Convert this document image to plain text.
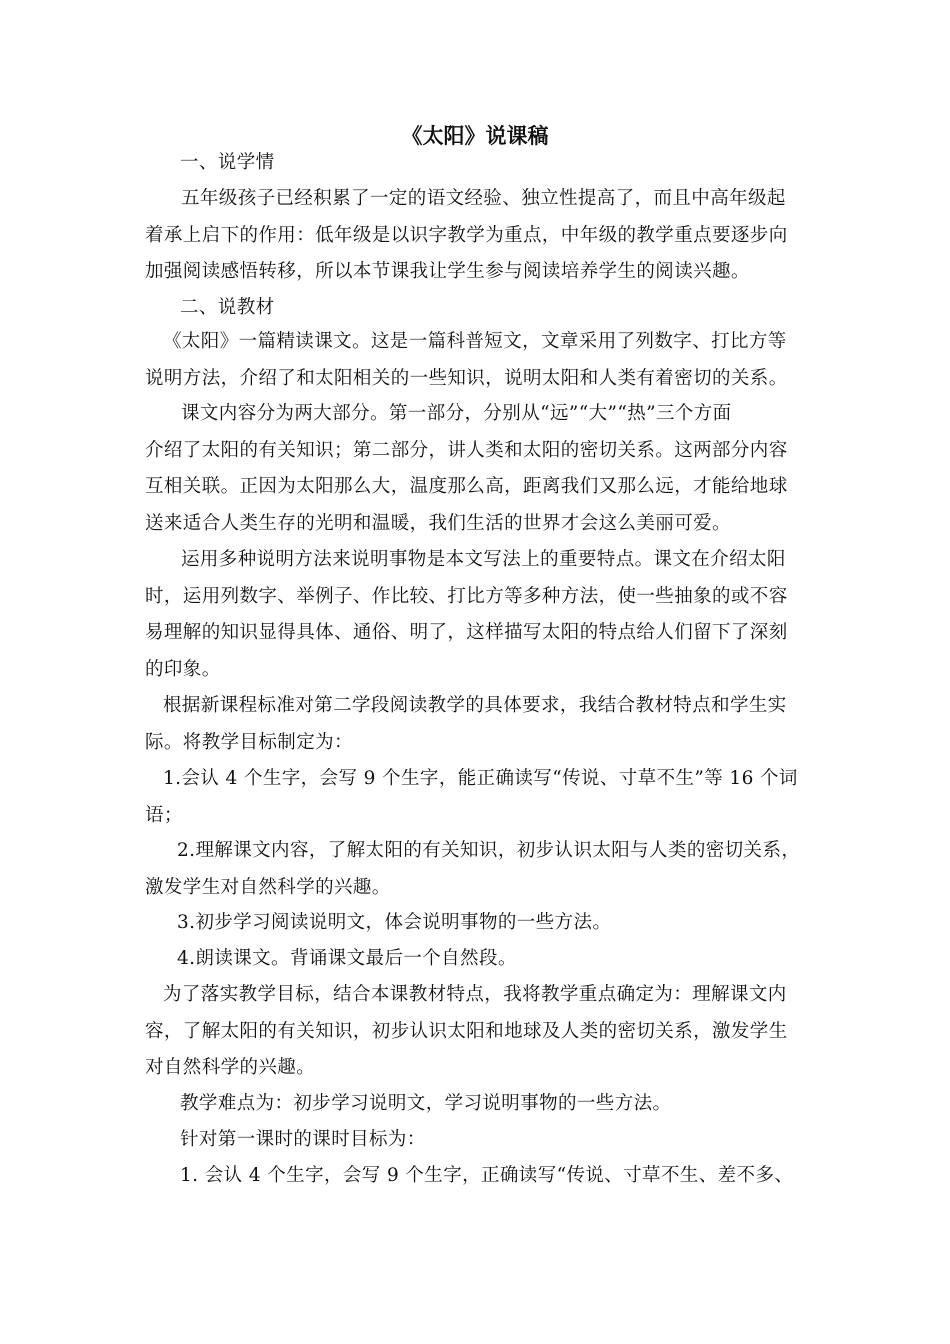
《太阳》说课稿
一、说学情
五年级孩子已经积累了一定的语文经验、独立性提高了，而且中高年级起
着承上启下的作用：低年级是以识字教学为重点，中年级的教学重点要逐步向
加强阅读感悟转移，所以本节课我让学生参与阅读培养学生的阅读兴趣。
二、说教材
《太阳》一篇精读课文。这是一篇科普短文，文章采用了列数字、打比方等
说明方法，介绍了和太阳相关的一些知识，说明太阳和人类有着密切的关系。
课文内容分为两大部分。第一部分，分别从“远”“大”“热”三个方面
介绍了太阳的有关知识；第二部分，讲人类和太阳的密切关系。这两部分内容
互相关联。正因为太阳那么大，温度那么高，距离我们又那么远，才能给地球
送来适合人类生存的光明和温暖，我们生活的世界才会这么美丽可爱。
运用多种说明方法来说明事物是本文写法上的重要特点。课文在介绍太阳
时，运用列数字、举例子、作比较、打比方等多种方法，使一些抽象的或不容
易理解的知识显得具体、通俗、明了，这样描写太阳的特点给人们留下了深刻
的印象。
根据新课程标准对第二学段阅读教学的具体要求，我结合教材特点和学生实
际。将教学目标制定为：
1.会认 4 个生字，会写 9 个生字，能正确读写“传说、寸草不生”等 16 个词
语；
2.理解课文内容，了解太阳的有关知识，初步认识太阳与人类的密切关系，
激发学生对自然科学的兴趣。
3.初步学习阅读说明文，体会说明事物的一些方法。
4.朗读课文。背诵课文最后一个自然段。
为了落实教学目标，结合本课教材特点，我将教学重点确定为：理解课文内
容，了解太阳的有关知识，初步认识太阳和地球及人类的密切关系，激发学生
对自然科学的兴趣。
教学难点为：初步学习说明文，学习说明事物的一些方法。
针对第一课时的课时目标为：
1. 会认 4 个生字，会写 9 个生字，正确读写“传说、寸草不生、差不多、
